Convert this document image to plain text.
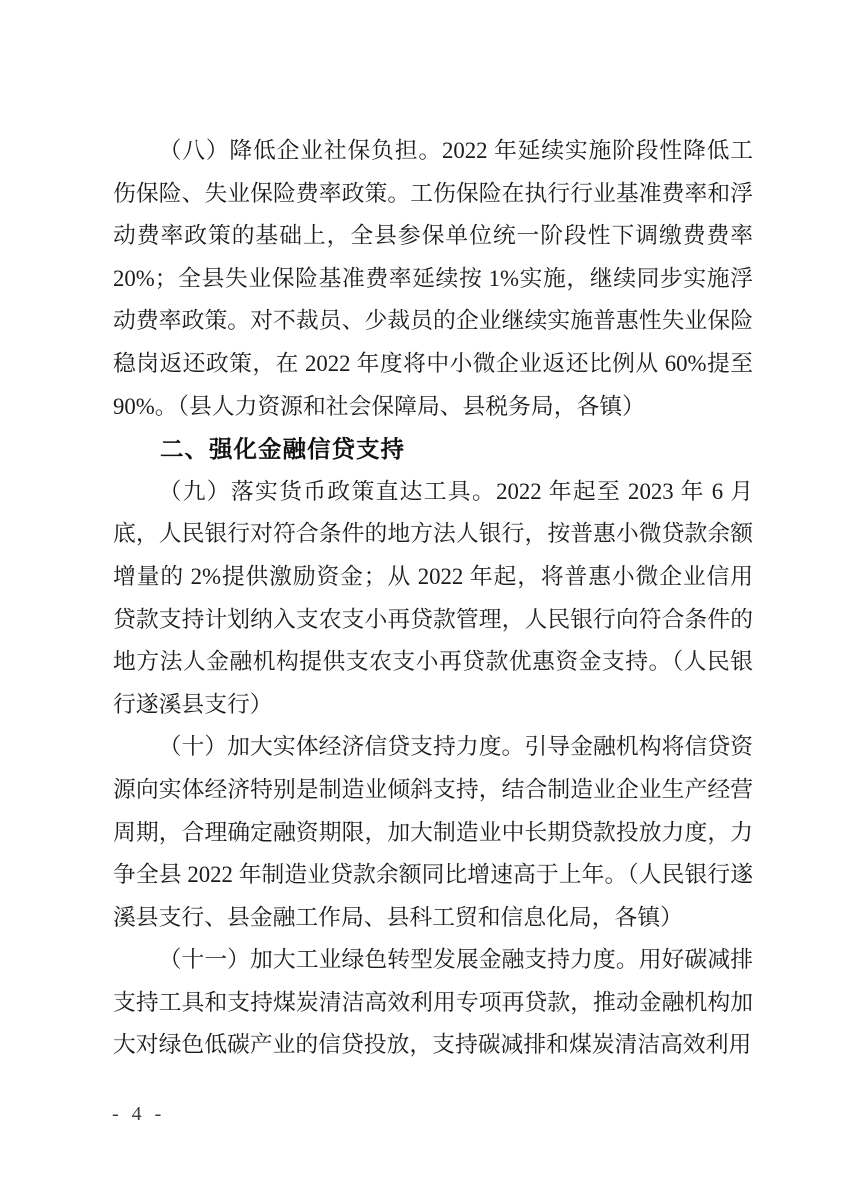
（八）降低企业社保负担。2022 年延续实施阶段性降低工伤保险、失业保险费率政策。工伤保险在执行行业基准费率和浮动费率政策的基础上，全县参保单位统一阶段性下调缴费费率 20%；全县失业保险基准费率延续按 1%实施，继续同步实施浮动费率政策。对不裁员、少裁员的企业继续实施普惠性失业保险稳岗返还政策，在 2022 年度将中小微企业返还比例从 60%提至 90%。（县人力资源和社会保障局、县税务局，各镇）

二、强化金融信贷支持

（九）落实货币政策直达工具。2022 年起至 2023 年 6 月底，人民银行对符合条件的地方法人银行，按普惠小微贷款余额增量的 2%提供激励资金；从 2022 年起，将普惠小微企业信用贷款支持计划纳入支农支小再贷款管理，人民银行向符合条件的地方法人金融机构提供支农支小再贷款优惠资金支持。（人民银行遂溪县支行）

（十）加大实体经济信贷支持力度。引导金融机构将信贷资源向实体经济特别是制造业倾斜支持，结合制造业企业生产经营周期，合理确定融资期限，加大制造业中长期贷款投放力度，力争全县 2022 年制造业贷款余额同比增速高于上年。（人民银行遂溪县支行、县金融工作局、县科工贸和信息化局，各镇）

（十一）加大工业绿色转型发展金融支持力度。用好碳减排支持工具和支持煤炭清洁高效利用专项再贷款，推动金融机构加大对绿色低碳产业的信贷投放，支持碳减排和煤炭清洁高效利用

- 4 -
